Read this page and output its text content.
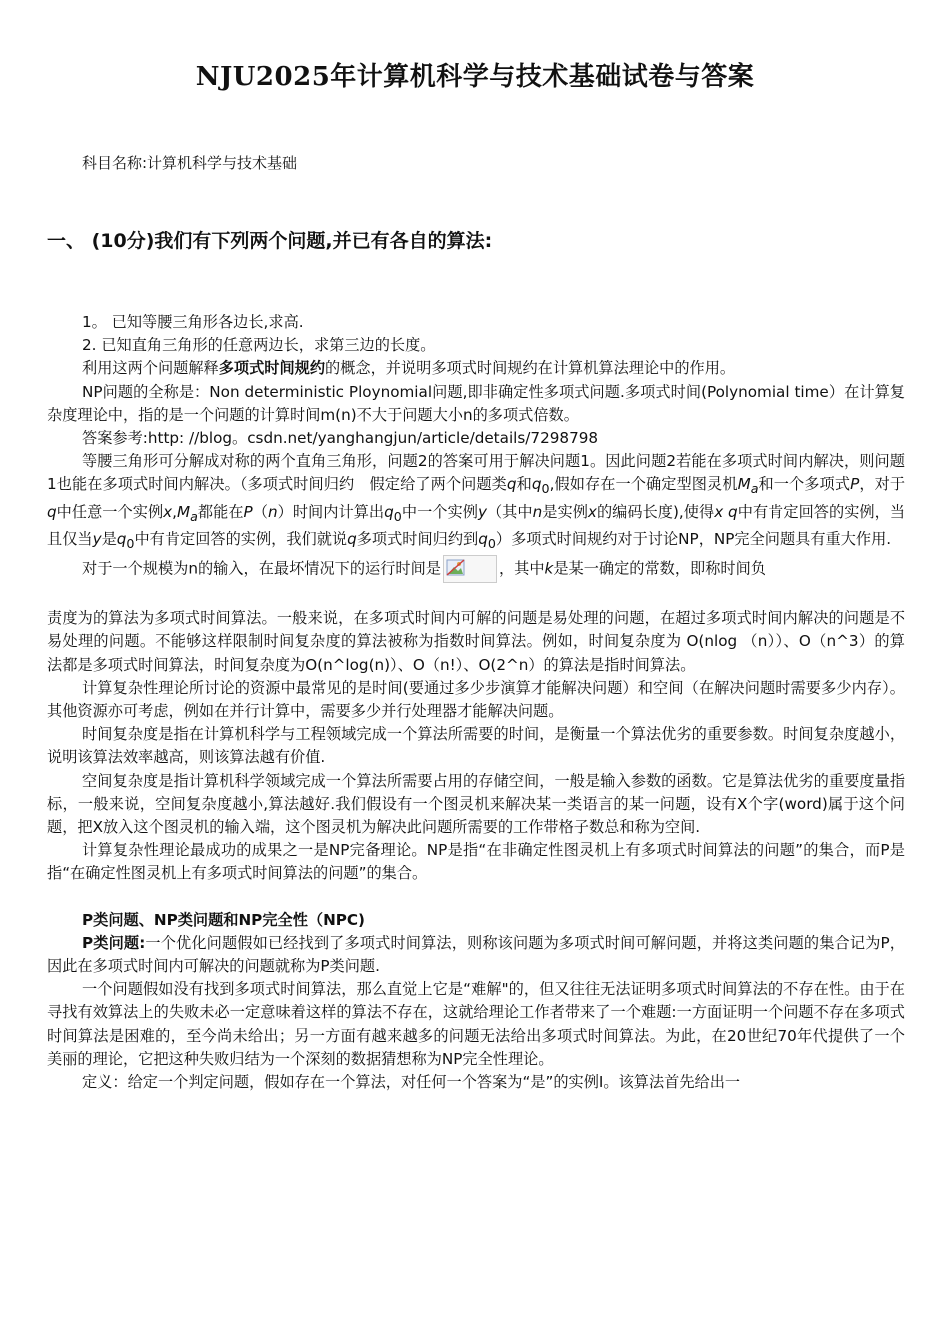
NJU2025年计算机科学与技术基础试卷与答案
科目名称:计算机科学与技术基础
一、 (10分)我们有下列两个问题,并已有各自的算法:

1。 已知等腰三角形各边长,求高.

2. 已知直角三角形的任意两边长，求第三边的长度。

利用这两个问题解释多项式时间规约的概念，并说明多项式时间规约在计算机算法理论中的作用。

NP问题的全称是：Non deterministic Ploynomial问题,即非确定性多项式问题.多项式时间(Polynomial time）在计算复杂度理论中，指的是一个问题的计算时间m(n)不大于问题大小n的多项式倍数。

答案参考:http: //blog。csdn.net/yanghangjun/article/details/7298798

等腰三角形可分解成对称的两个直角三角形，问题2的答案可用于解决问题1。因此问题2若能在多项式时间内解决，则问题1也能在多项式时间内解决。（多项式时间归约　假定给了两个问题类q和$q_0$,假如存在一个确定型图灵机$M_a$和一个多项式P，对于q中任意一个实例$x,M_a$都能在P（n）时间内计算出$q_0$中一个实例y（其中n是实例x的编码长度),使得x q中有肯定回答的实例，当且仅当y是$q_0$中有肯定回答的实例，我们就说q多项式时间归约到$q_0$）多项式时间规约对于讨论NP，NP完全问题具有重大作用.

对于一个规模为n的输入，在最坏情况下的运行时间是	，其中k是某一确定的常数，即称时间负

责度为的算法为多项式时间算法。一般来说，在多项式时间内可解的问题是易处理的问题，在超过多项式时间内解决的问题是不易处理的问题。不能够这样限制时间复杂度的算法被称为指数时间算法。例如，时间复杂度为 O(nlog （n））、O（n^3）的算法都是多项式时间算法，时间复杂度为O(n^log(n)）、O（n!）、O(2^n）的算法是指时间算法。

计算复杂性理论所讨论的资源中最常见的是时间(要通过多少步演算才能解决问题）和空间（在解决问题时需要多少内存）。其他资源亦可考虑，例如在并行计算中，需要多少并行处理器才能解决问题。

时间复杂度是指在计算机科学与工程领域完成一个算法所需要的时间，是衡量一个算法优劣的重要参数。时间复杂度越小，说明该算法效率越高，则该算法越有价值.

空间复杂度是指计算机科学领域完成一个算法所需要占用的存储空间，一般是输入参数的函数。它是算法优劣的重要度量指标，一般来说，空间复杂度越小,算法越好.我们假设有一个图灵机来解决某一类语言的某一问题，设有X个字(word)属于这个问题，把X放入这个图灵机的输入端，这个图灵机为解决此问题所需要的工作带格子数总和称为空间.

计算复杂性理论最成功的成果之一是NP完备理论。NP是指“在非确定性图灵机上有多项式时间算法的问题”的集合，而P是指“在确定性图灵机上有多项式时间算法的问题”的集合。

P类问题、NP类问题和NP完全性（NPC)

P类问题:一个优化问题假如已经找到了多项式时间算法，则称该问题为多项式时间可解问题，并将这类问题的集合记为P，因此在多项式时间内可解决的问题就称为P类问题.

一个问题假如没有找到多项式时间算法，那么直觉上它是“难解"的，但又往往无法证明多项式时间算法的不存在性。由于在寻找有效算法上的失败未必一定意味着这样的算法不存在，这就给理论工作者带来了一个难题:一方面证明一个问题不存在多项式时间算法是困难的，至今尚未给出；另一方面有越来越多的问题无法给出多项式时间算法。为此，在20世纪70年代提供了一个美丽的理论，它把这种失败归结为一个深刻的数据猜想称为NP完全性理论。

定义：给定一个判定问题，假如存在一个算法，对任何一个答案为“是”的实例Ⅰ。该算法首先给出一
